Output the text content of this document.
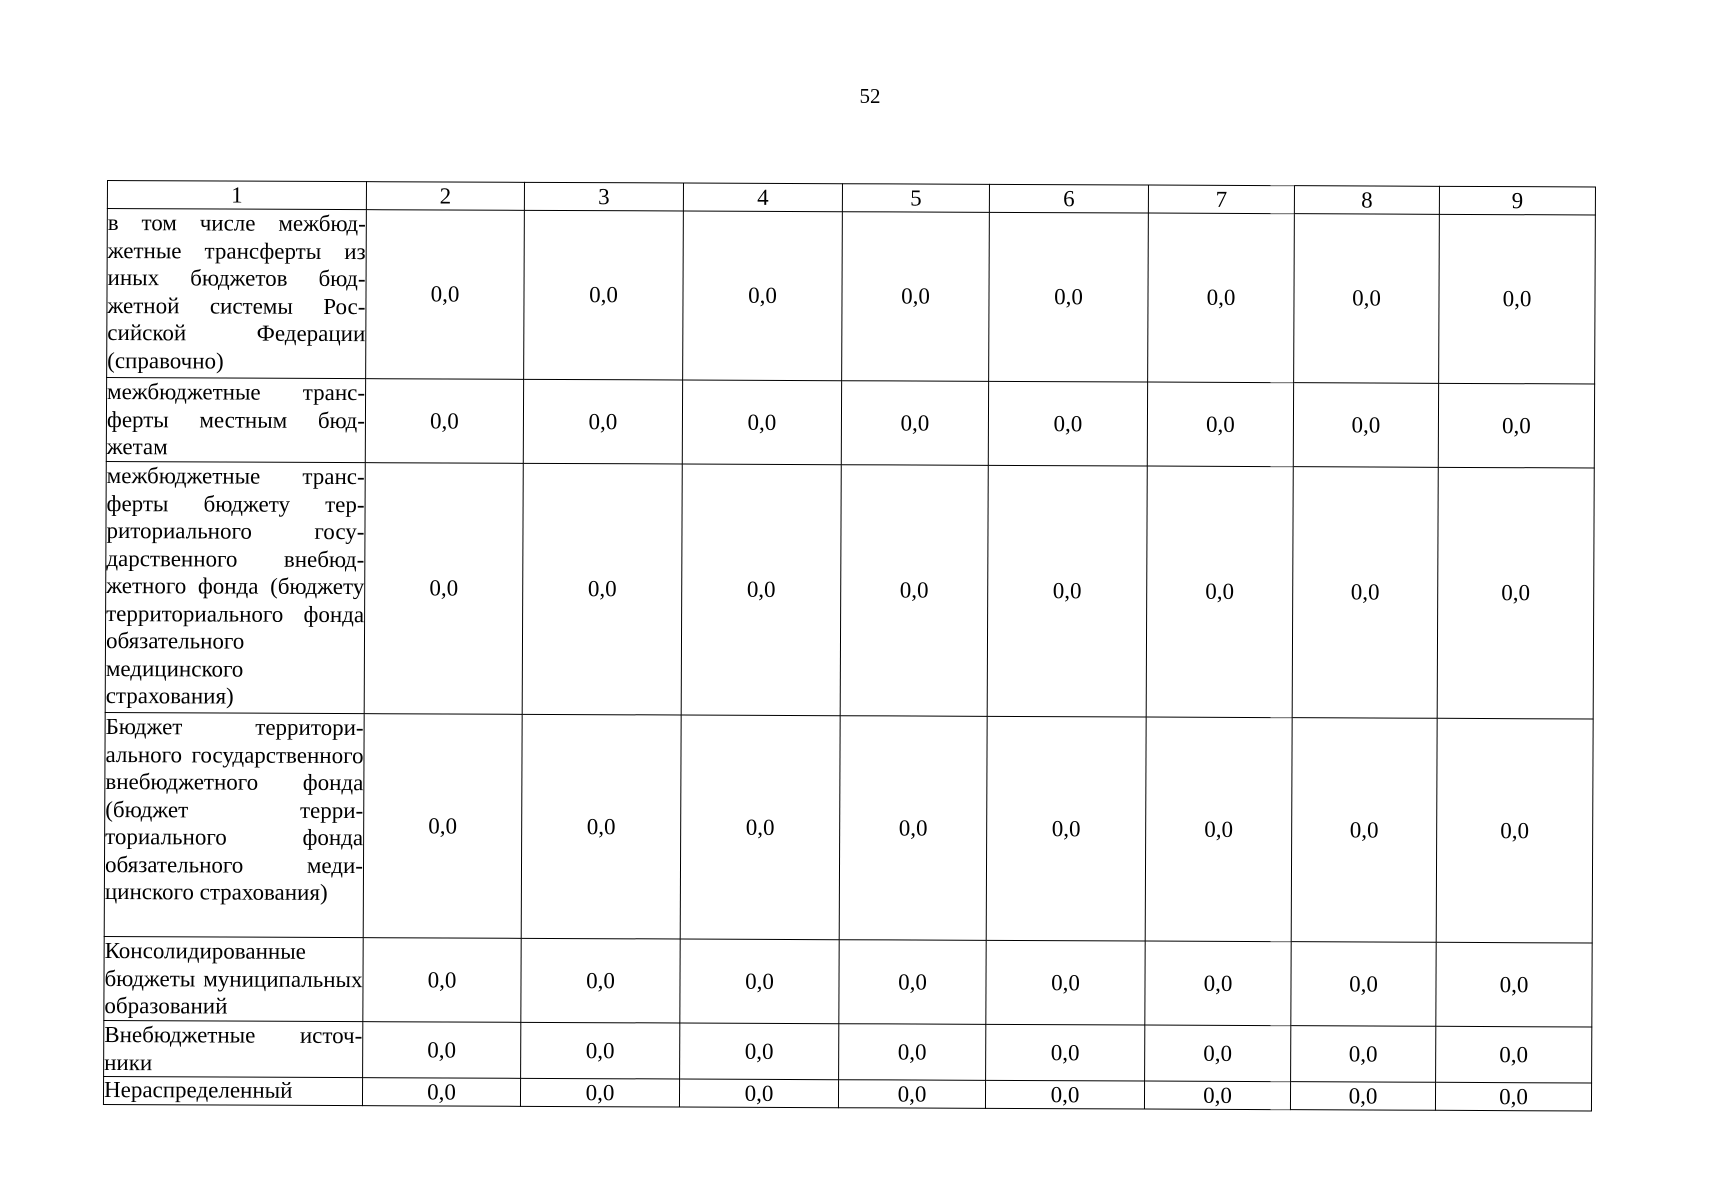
52
1	2	3	4	5	6	7	8	9
в том числе межбюджетные трансферты из иных бюджетов бюджетной системы Российской Федерации (справочно)	0,0	0,0	0,0	0,0	0,0	0,0	0,0	0,0
межбюджетные трансферты местным бюджетам	0,0	0,0	0,0	0,0	0,0	0,0	0,0	0,0
межбюджетные трансферты бюджету территориального государственного внебюджетного фонда (бюджету территориального фонда обязательного медицинского страхования)	0,0	0,0	0,0	0,0	0,0	0,0	0,0	0,0
Бюджет территориального государственного внебюджетного фонда (бюджет территориального фонда обязательного медицинского страхования)	0,0	0,0	0,0	0,0	0,0	0,0	0,0	0,0
Консолидированные бюджеты муниципальных образований	0,0	0,0	0,0	0,0	0,0	0,0	0,0	0,0
Внебюджетные источники	0,0	0,0	0,0	0,0	0,0	0,0	0,0	0,0
Нераспределенный	0,0	0,0	0,0	0,0	0,0	0,0	0,0	0,0
